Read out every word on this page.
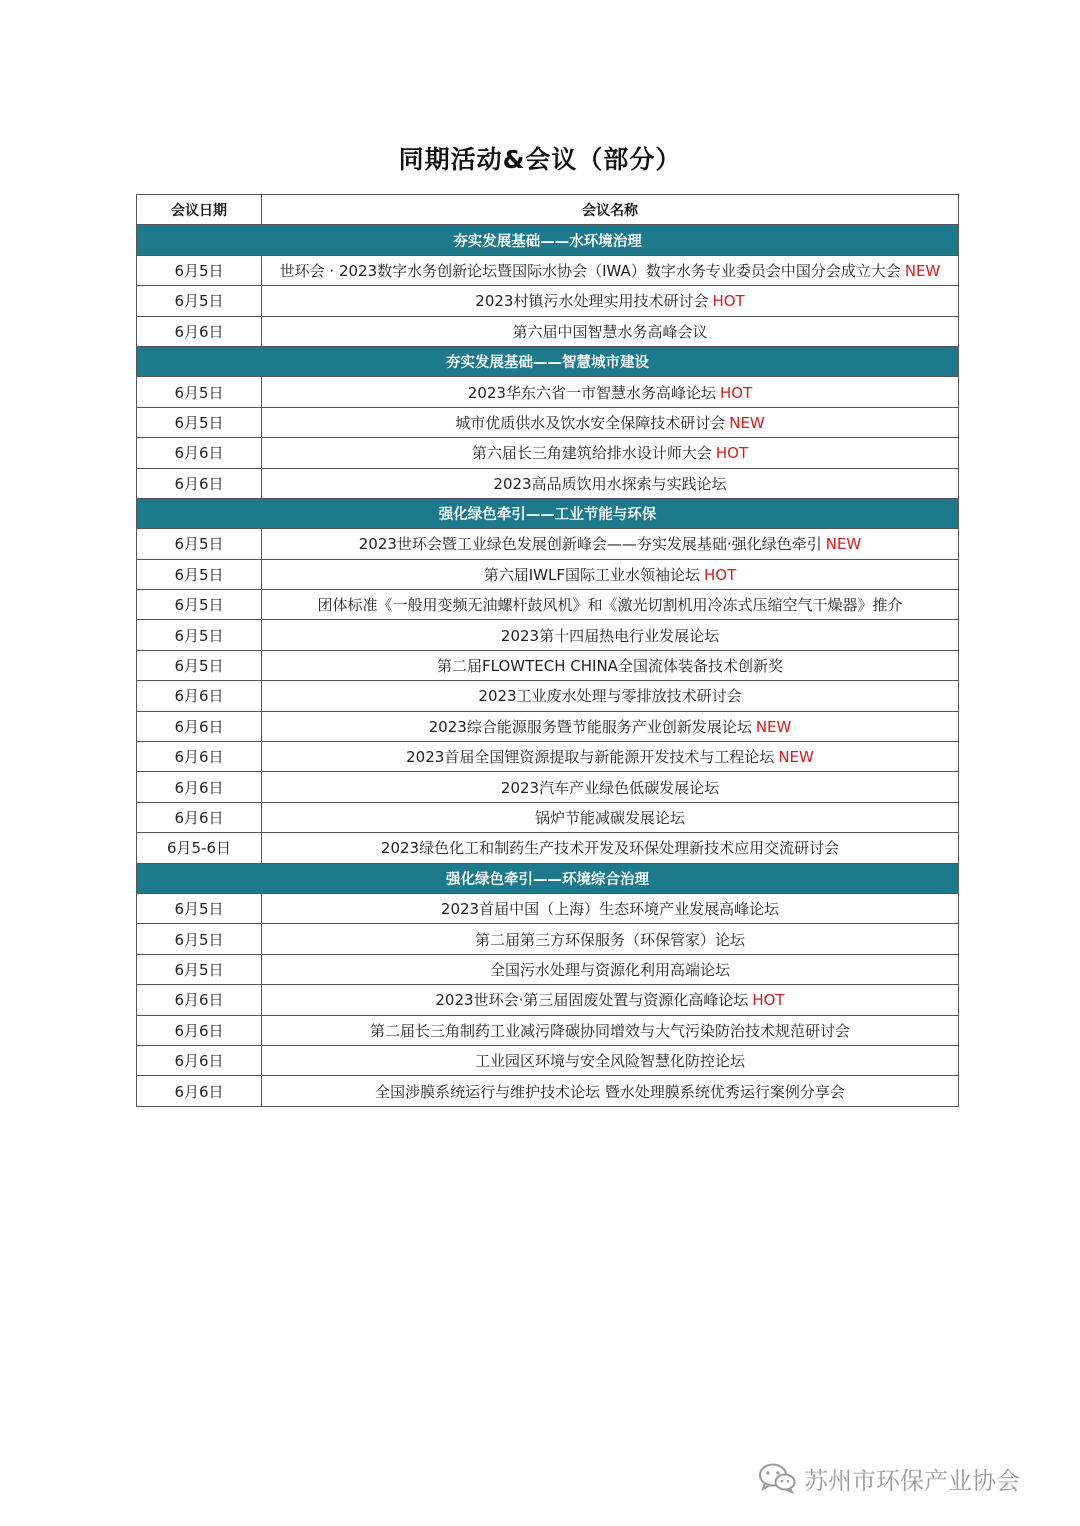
同期活动&会议（部分）
会议日期	会议名称
夯实发展基础——水环境治理	
6月5日	世环会 · 2023数字水务创新论坛暨国际水协会（IWA）数字水务专业委员会中国分会成立大会 NEW
6月5日	2023村镇污水处理实用技术研讨会 HOT
6月6日	第六届中国智慧水务高峰会议
夯实发展基础——智慧城市建设	
6月5日	2023华东六省一市智慧水务高峰论坛 HOT
6月5日	城市优质供水及饮水安全保障技术研讨会 NEW
6月6日	第六届长三角建筑给排水设计师大会 HOT
6月6日	2023高品质饮用水探索与实践论坛
强化绿色牵引——工业节能与环保	
6月5日	2023世环会暨工业绿色发展创新峰会——夯实发展基础·强化绿色牵引 NEW
6月5日	第六届IWLF国际工业水领袖论坛 HOT
6月5日	团体标准《一般用变频无油螺杆鼓风机》和《激光切割机用冷冻式压缩空气干燥器》推介
6月5日	2023第十四届热电行业发展论坛
6月5日	第二届FLOWTECH CHINA全国流体装备技术创新奖
6月6日	2023工业废水处理与零排放技术研讨会
6月6日	2023综合能源服务暨节能服务产业创新发展论坛 NEW
6月6日	2023首届全国锂资源提取与新能源开发技术与工程论坛 NEW
6月6日	2023汽车产业绿色低碳发展论坛
6月6日	锅炉节能减碳发展论坛
6月5-6日	2023绿色化工和制药生产技术开发及环保处理新技术应用交流研讨会
强化绿色牵引——环境综合治理	
6月5日	2023首届中国（上海）生态环境产业发展高峰论坛
6月5日	第二届第三方环保服务（环保管家）论坛
6月5日	全国污水处理与资源化利用高端论坛
6月6日	2023世环会·第三届固废处置与资源化高峰论坛 HOT
6月6日	第二届长三角制药工业减污降碳协同增效与大气污染防治技术规范研讨会
6月6日	工业园区环境与安全风险智慧化防控论坛
6月6日	全国涉膜系统运行与维护技术论坛 暨水处理膜系统优秀运行案例分享会
苏州市环保产业协会
